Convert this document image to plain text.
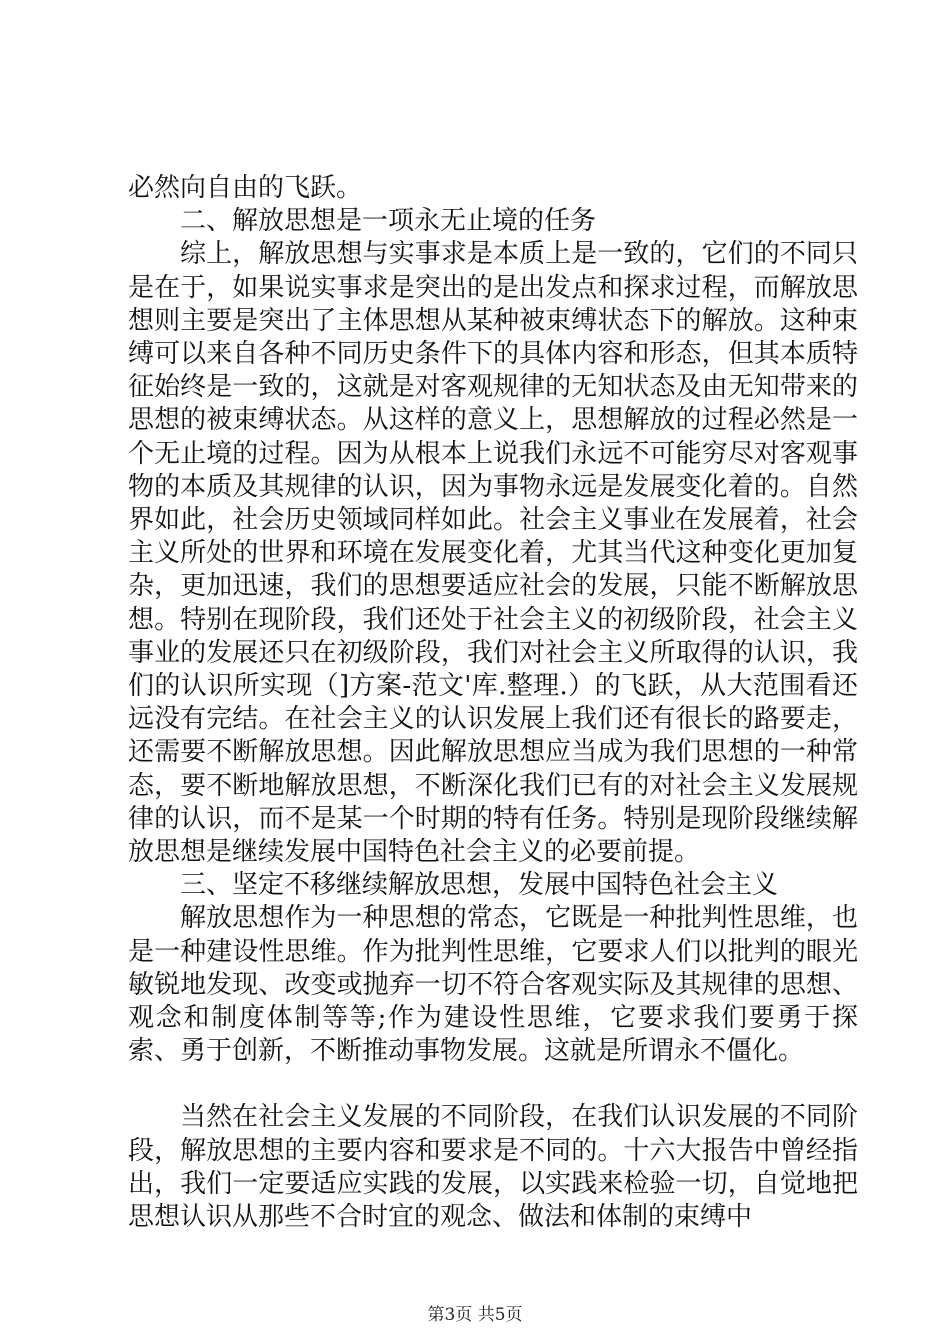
必然向自由的飞跃。

二、解放思想是一项永无止境的任务

综上，解放思想与实事求是本质上是一致的，它们的不同只是在于，如果说实事求是突出的是出发点和探求过程，而解放思想则主要是突出了主体思想从某种被束缚状态下的解放。这种束缚可以来自各种不同历史条件下的具体内容和形态，但其本质特征始终是一致的，这就是对客观规律的无知状态及由无知带来的思想的被束缚状态。从这样的意义上，思想解放的过程必然是一个无止境的过程。因为从根本上说我们永远不可能穷尽对客观事物的本质及其规律的认识，因为事物永远是发展变化着的。自然界如此，社会历史领域同样如此。社会主义事业在发展着，社会主义所处的世界和环境在发展变化着，尤其当代这种变化更加复杂，更加迅速，我们的思想要适应社会的发展，只能不断解放思想。特别在现阶段，我们还处于社会主义的初级阶段，社会主义事业的发展还只在初级阶段，我们对社会主义所取得的认识，我们的认识所实现（]方案-范文'库.整理.）的飞跃，从大范围看还远没有完结。在社会主义的认识发展上我们还有很长的路要走，还需要不断解放思想。因此解放思想应当成为我们思想的一种常态，要不断地解放思想，不断深化我们已有的对社会主义发展规律的认识，而不是某一个时期的特有任务。特别是现阶段继续解放思想是继续发展中国特色社会主义的必要前提。

三、坚定不移继续解放思想，发展中国特色社会主义

解放思想作为一种思想的常态，它既是一种批判性思维，也是一种建设性思维。作为批判性思维，它要求人们以批判的眼光敏锐地发现、改变或抛弃一切不符合客观实际及其规律的思想、观念和制度体制等等;作为建设性思维，它要求我们要勇于探索、勇于创新，不断推动事物发展。这就是所谓永不僵化。

当然在社会主义发展的不同阶段，在我们认识发展的不同阶段，解放思想的主要内容和要求是不同的。十六大报告中曾经指出，我们一定要适应实践的发展，以实践来检验一切，自觉地把思想认识从那些不合时宜的观念、做法和体制的束缚中

第3页 共5页
